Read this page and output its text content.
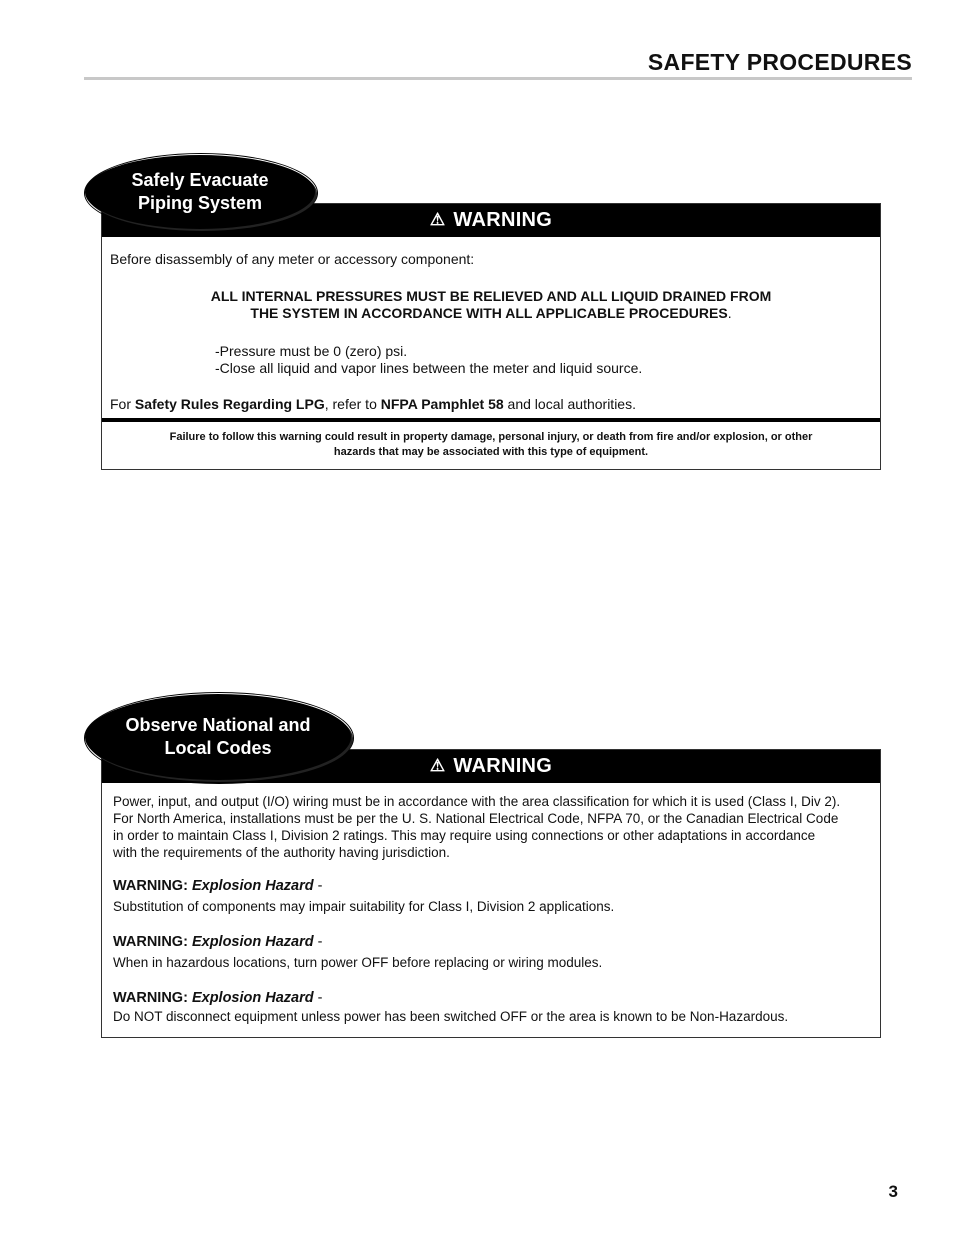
SAFETY PROCEDURES
Safely Evacuate
Piping System
⚠ WARNING
Before disassembly of any meter or accessory component:
ALL INTERNAL PRESSURES MUST BE RELIEVED AND ALL LIQUID DRAINED FROM
THE SYSTEM IN ACCORDANCE WITH ALL APPLICABLE PROCEDURES.
-Pressure must be 0 (zero) psi.
-Close all liquid and vapor lines between the meter and liquid source.
For Safety Rules Regarding LPG, refer to NFPA Pamphlet 58 and local authorities.
Failure to follow this warning could result in property damage, personal injury, or death from fire and/or explosion, or other
hazards that may be associated with this type of equipment.
Observe National and
Local Codes
⚠ WARNING
Power, input, and output (I/O) wiring must be in accordance with the area classification for which it is used (Class I, Div 2).
For North America, installations must be per the U. S. National Electrical Code, NFPA 70, or the Canadian Electrical Code
in order to maintain Class I, Division 2 ratings. This may require using connections or other adaptations in accordance
with the requirements of the authority having jurisdiction.
WARNING: Explosion Hazard -
Substitution of components may impair suitability for Class I, Division 2 applications.
WARNING: Explosion Hazard -
When in hazardous locations, turn power OFF before replacing or wiring modules.
WARNING: Explosion Hazard -
Do NOT disconnect equipment unless power has been switched OFF or the area is known to be Non-Hazardous.
3
